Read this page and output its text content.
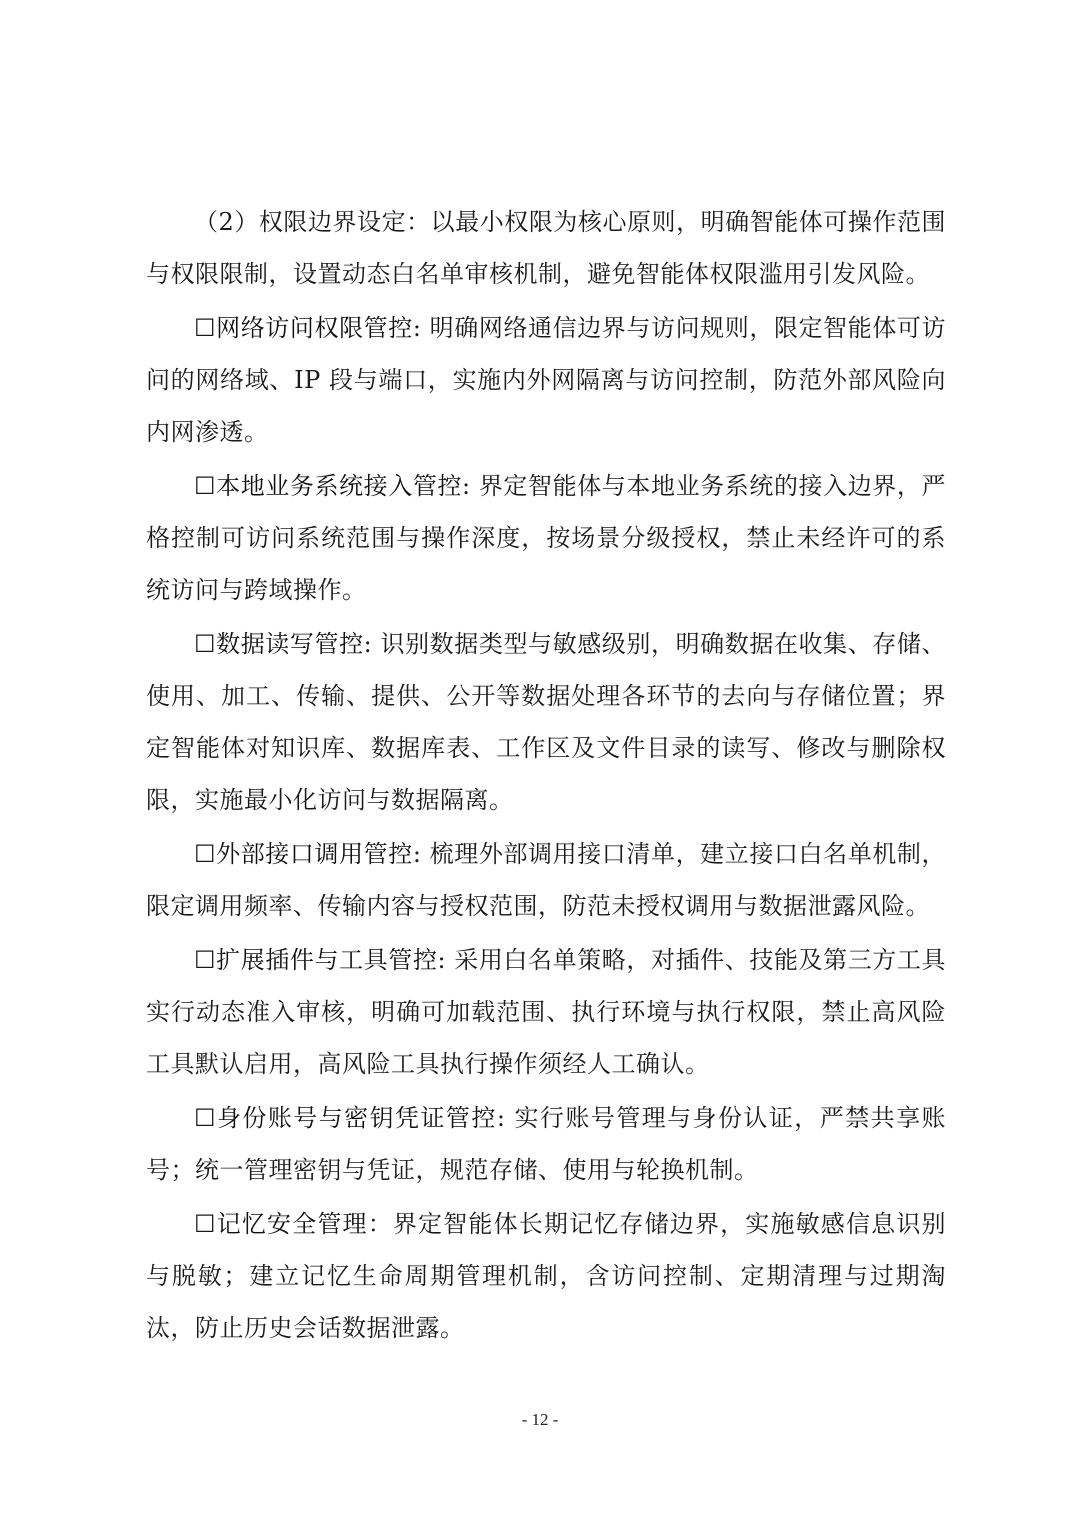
（2）权限边界设定：以最小权限为核心原则，明确智能体可操作范围与权限限制，设置动态白名单审核机制，避免智能体权限滥用引发风险。

☐网络访问权限管控: 明确网络通信边界与访问规则，限定智能体可访问的网络域、IP 段与端口，实施内外网隔离与访问控制，防范外部风险向内网渗透。

☐本地业务系统接入管控: 界定智能体与本地业务系统的接入边界，严格控制可访问系统范围与操作深度，按场景分级授权，禁止未经许可的系统访问与跨域操作。

☐数据读写管控: 识别数据类型与敏感级别，明确数据在收集、存储、使用、加工、传输、提供、公开等数据处理各环节的去向与存储位置；界定智能体对知识库、数据库表、工作区及文件目录的读写、修改与删除权限，实施最小化访问与数据隔离。

☐外部接口调用管控: 梳理外部调用接口清单，建立接口白名单机制，限定调用频率、传输内容与授权范围，防范未授权调用与数据泄露风险。

☐扩展插件与工具管控: 采用白名单策略，对插件、技能及第三方工具实行动态准入审核，明确可加载范围、执行环境与执行权限，禁止高风险工具默认启用，高风险工具执行操作须经人工确认。

☐身份账号与密钥凭证管控: 实行账号管理与身份认证，严禁共享账号；统一管理密钥与凭证，规范存储、使用与轮换机制。

☐记忆安全管理：界定智能体长期记忆存储边界，实施敏感信息识别与脱敏；建立记忆生命周期管理机制，含访问控制、定期清理与过期淘汰，防止历史会话数据泄露。

- 12 -
